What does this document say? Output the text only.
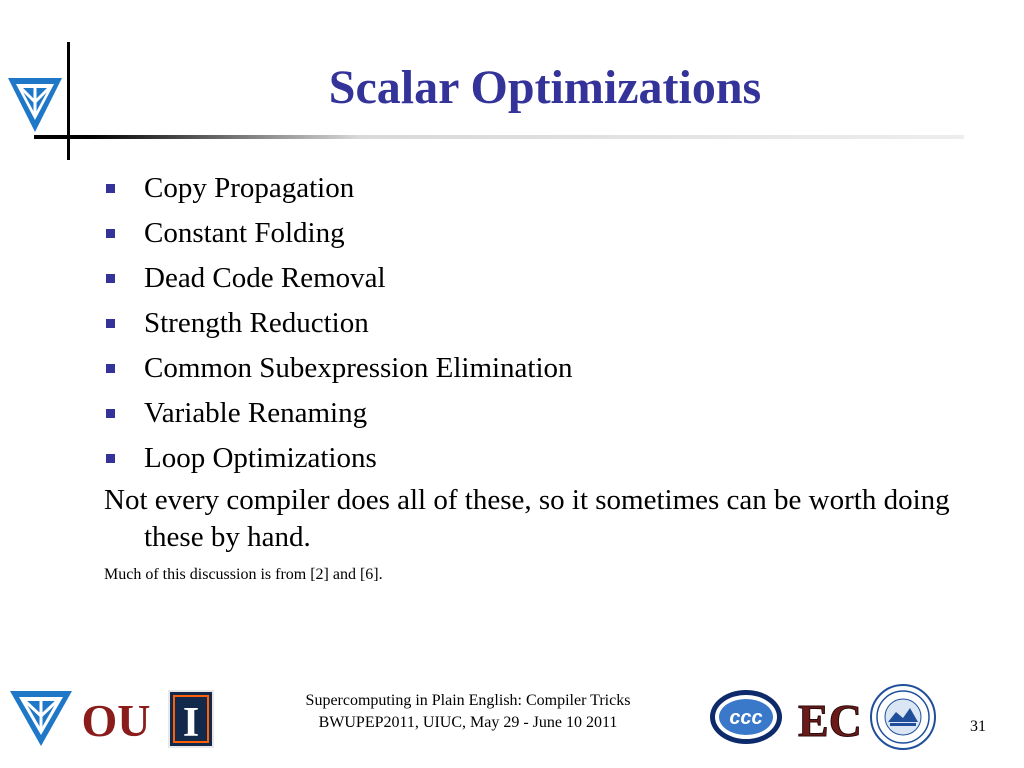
Scalar Optimizations
Copy Propagation
Constant Folding
Dead Code Removal
Strength Reduction
Common Subexpression Elimination
Variable Renaming
Loop Optimizations
Not every compiler does all of these, so it sometimes can be worth doing these by hand.
Much of this discussion is from [2] and [6].
OU I	Supercomputing in Plain English: Compiler Tricks
BWUPEP2011, UIUC, May 29 - June 10 2011	ccc EC	31
